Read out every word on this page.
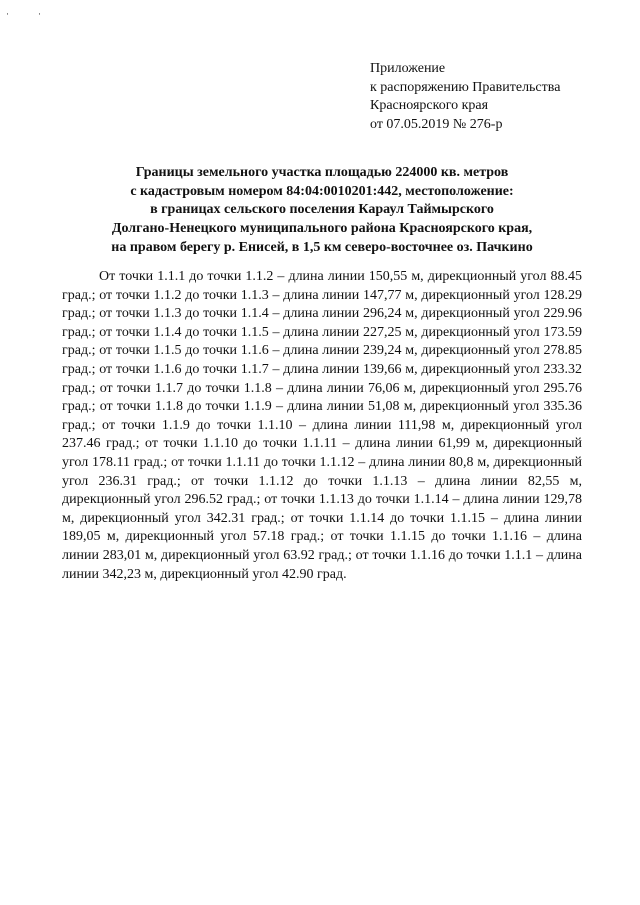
·	·
Приложение
к распоряжению Правительства
Красноярского края
от 07.05.2019 № 276-р
Границы земельного участка площадью 224000 кв. метров
с кадастровым номером 84:04:0010201:442, местоположение:
в границах сельского поселения Караул Таймырского
Долгано-Ненецкого муниципального района Красноярского края,
на правом берегу р. Енисей, в 1,5 км северо-восточнее оз. Пачкино

От точки 1.1.1 до точки 1.1.2 – длина линии 150,55 м, дирекционный угол 88.45 град.; от точки 1.1.2 до точки 1.1.3 – длина линии 147,77 м, дирекционный угол 128.29 град.; от точки 1.1.3 до точки 1.1.4 – длина линии 296,24 м, дирекционный угол 229.96 град.; от точки 1.1.4 до точки 1.1.5 – длина линии 227,25 м, дирекционный угол 173.59 град.; от точки 1.1.5 до точки 1.1.6 – длина линии 239,24 м, дирекционный угол 278.85 град.; от точки 1.1.6 до точки 1.1.7 – длина линии 139,66 м, дирекционный угол 233.32 град.; от точки 1.1.7 до точки 1.1.8 – длина линии 76,06 м, дирекционный угол 295.76 град.; от точки 1.1.8 до точки 1.1.9 – длина линии 51,08 м, дирекционный угол 335.36 град.; от точки 1.1.9 до точки 1.1.10 – длина линии 111,98 м, дирекционный угол 237.46 град.; от точки 1.1.10 до точки 1.1.11 – длина линии 61,99 м, дирекционный угол 178.11 град.; от точки 1.1.11 до точки 1.1.12 – длина линии 80,8 м, дирекционный угол 236.31 град.; от точки 1.1.12 до точки 1.1.13 – длина линии 82,55 м, дирекционный угол 296.52 град.; от точки 1.1.13 до точки 1.1.14 – длина линии 129,78 м, дирекционный угол 342.31 град.; от точки 1.1.14 до точки 1.1.15 – длина линии 189,05 м, дирекционный угол 57.18 град.; от точки 1.1.15 до точки 1.1.16 – длина линии 283,01 м, дирекционный угол 63.92 град.; от точки 1.1.16 до точки 1.1.1 – длина линии 342,23 м, дирекционный угол 42.90 град.
